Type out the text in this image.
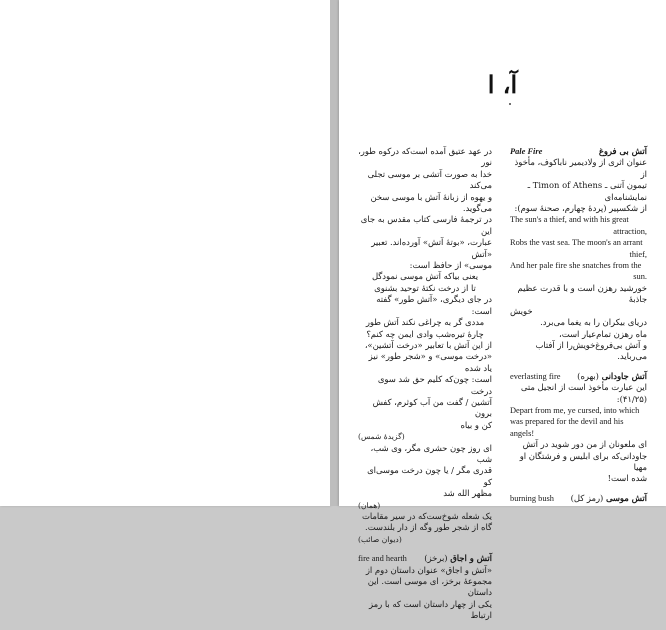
آ، ا
آتش بی فروغ
Pale Fire

عنوان اثری از ولادیمیر ناباکوف، مأخوذ از

تیمون آتنی ـ Timon of Athens ـ نمایشنامه‌ای

از شکسپیر (پردهٔ چهارم، صحنهٔ سوم):

The sun's a thief, and with his great

attraction,

Robs the vast sea. The moon's an arrant

thief,

And her pale fire she snatches from the

sun.

خورشید رهزن است و با قدرت عظیم جاذبهٔ

خویش

دریای بیکران را به یغما می‌برد.

ماه رهزن تمام‌عیار است،

و آتش بی‌فروغ‌خویش‌را از آفتاب می‌رباید.

آتش جاودانی (بهره)
everlasting fire

این عبارت مأخوذ است از انجیل متی

(۴۱/۲۵):

Depart from me, ye cursed, into which

was prepared for the devil and his

angels!

ای ملعونان از من دور شوید در آتش

جاودانی‌که برای ابلیس و فرشتگان او مهیا

شده است!

آتش موسی (رمز کل)
burning bush

در عهد عتیق آمده است‌که درکوه طور، نور

خدا به صورت آتشی بر موسی تجلی می‌کند

و یهوه از زبانهٔ آتش با موسی سخن می‌گوید.

در ترجمهٔ فارسی کتاب مقدس به جای این

عبارت، «بوتهٔ آتش» آورده‌اند. تعبیر «آتش

موسی» از حافظ است:

یعنی بیاکه آتش موسی نمودگل

تا از درخت نکتهٔ توحید بشنوی

در جای دیگری، «آتش طور» گفته است:

مددی گر به چراغی نکند آتش طور

چارهٔ تیره‌شب وادی ایمن چه کنم؟

از این آتش با تعابیر «درخت آتشین»،

«درخت موسی» و «شجر طور» نیز یاد شده

است: چون‌که کلیم حق شد سوی درخت

آتشین / گفت من آب کوثرم، کفش برون

کن و بیاه

(گزیدهٔ شمس)

ای روز چون حشری مگر، وی شب، شب

قدری مگر / یا چون درخت موسی‌ای کو

مظهر الله شد

(همان)

یک شعله شوخ‌ست‌که در سیر مقامات

گاه از شجر طور وگه از دار بلندست.

(دیوان صائب)

آتش و اجاق (برخز)
fire and hearth

«آتش و اجاق» عنوان داستان دوم از

مجموعهٔ برخز، ای موسی است. این داستان

یکی از چهار داستان است که با رمز ارتباط
